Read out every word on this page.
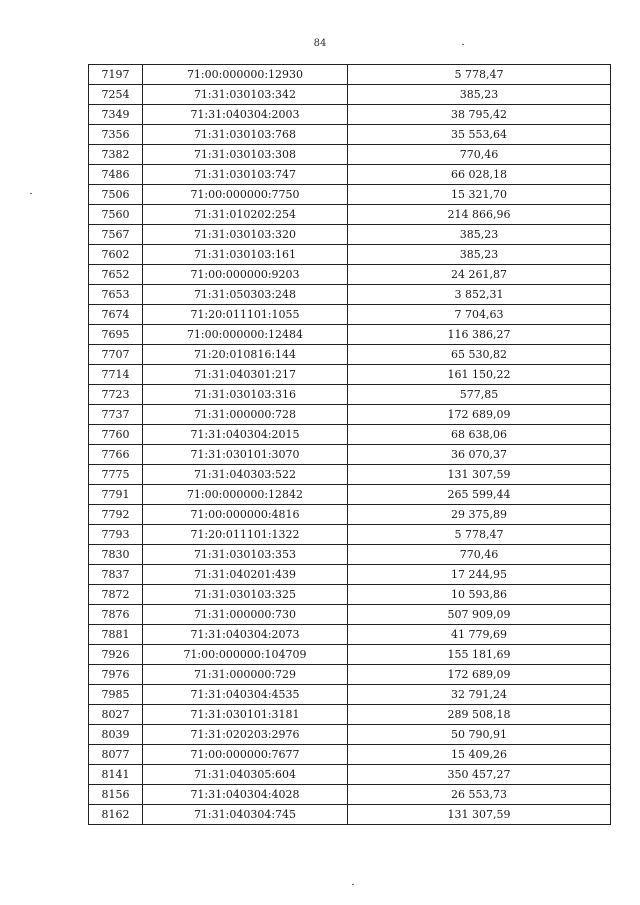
84
7197	71:00:000000:12930	5 778,47
7254	71:31:030103:342	385,23
7349	71:31:040304:2003	38 795,42
7356	71:31:030103:768	35 553,64
7382	71:31:030103:308	770,46
7486	71:31:030103:747	66 028,18
7506	71:00:000000:7750	15 321,70
7560	71:31:010202:254	214 866,96
7567	71:31:030103:320	385,23
7602	71:31:030103:161	385,23
7652	71:00:000000:9203	24 261,87
7653	71:31:050303:248	3 852,31
7674	71:20:011101:1055	7 704,63
7695	71:00:000000:12484	116 386,27
7707	71:20:010816:144	65 530,82
7714	71:31:040301:217	161 150,22
7723	71:31:030103:316	577,85
7737	71:31:000000:728	172 689,09
7760	71:31:040304:2015	68 638,06
7766	71:31:030101:3070	36 070,37
7775	71:31:040303:522	131 307,59
7791	71:00:000000:12842	265 599,44
7792	71:00:000000:4816	29 375,89
7793	71:20:011101:1322	5 778,47
7830	71:31:030103:353	770,46
7837	71:31:040201:439	17 244,95
7872	71:31:030103:325	10 593,86
7876	71:31:000000:730	507 909,09
7881	71:31:040304:2073	41 779,69
7926	71:00:000000:104709	155 181,69
7976	71:31:000000:729	172 689,09
7985	71:31:040304:4535	32 791,24
8027	71:31:030101:3181	289 508,18
8039	71:31:020203:2976	50 790,91
8077	71:00:000000:7677	15 409,26
8141	71:31:040305:604	350 457,27
8156	71:31:040304:4028	26 553,73
8162	71:31:040304:745	131 307,59
